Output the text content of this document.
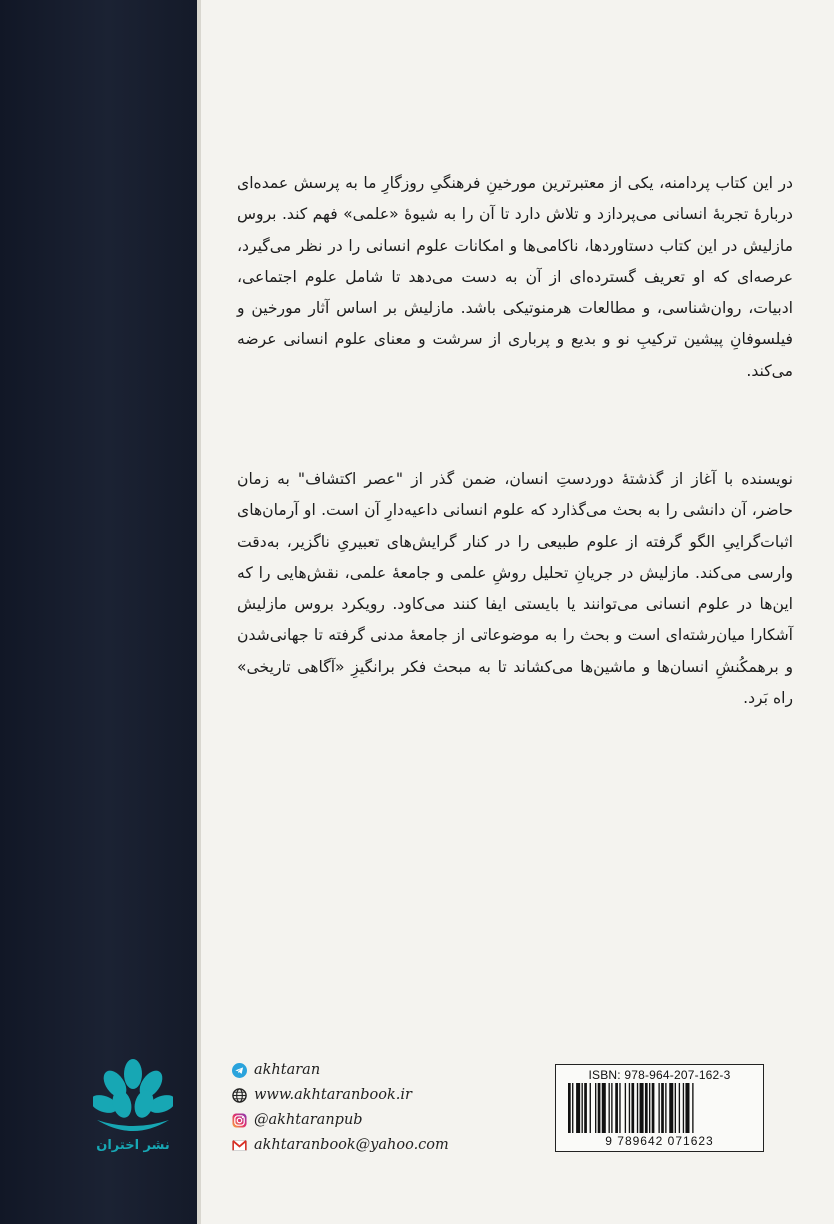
در این کتاب پردامنه، یکی از معتبرترین مورخینِ فرهنگیِ روزگارِ ما به پرسش عمده‌ای دربارهٔ تجربهٔ انسانی می‌پردازد و تلاش دارد تا آن را به شیوهٔ «علمی» فهم کند. بروس مازلیش در این کتاب دستاوردها، ناکامی‌ها و امکانات علوم انسانی را در نظر می‌گیرد، عرصه‌ای که او تعریف گسترده‌ای از آن به دست می‌دهد تا شامل علوم اجتماعی، ادبیات، روان‌شناسی، و مطالعات هرمنوتیکی باشد. مازلیش بر اساس آثار مورخین و فیلسوفانِ پیشین ترکیبِ نو و بدیع و پرباری از سرشت و معنای علوم انسانی عرضه می‌کند.

نویسنده با آغاز از گذشتهٔ دوردستِ انسان، ضمن گذر از "عصر اکتشاف" به زمان حاضر، آن دانشی را به بحث می‌گذارد که علوم انسانی داعیه‌دارِ آن است. او آرمان‌های اثبات‌گراییِ الگو گرفته از علوم طبیعی را در کنار گرایش‌های تعبیریِ ناگزیر، به‌دقت وارسی می‌کند. مازلیش در جریانِ تحلیل روشِ علمی و جامعهٔ علمی، نقش‌هایی را که این‌ها در علوم انسانی می‌توانند یا بایستی ایفا کنند می‌کاود. رویکرد بروس مازلیش آشکارا میان‌رشته‌ای است و بحث را به موضوعاتی از جامعهٔ مدنی گرفته تا جهانی‌شدن و برهمکُنشِ انسان‌ها و ماشین‌ها می‌کشاند تا به مبحث فکر برانگیزِ «آگاهی تاریخی» راه بَرد.

نشر اختران
akhtaran
www.akhtaranbook.ir
@akhtaranpub
akhtaranbook@yahoo.com
ISBN: 978-964-207-162-3
9 789642 071623
